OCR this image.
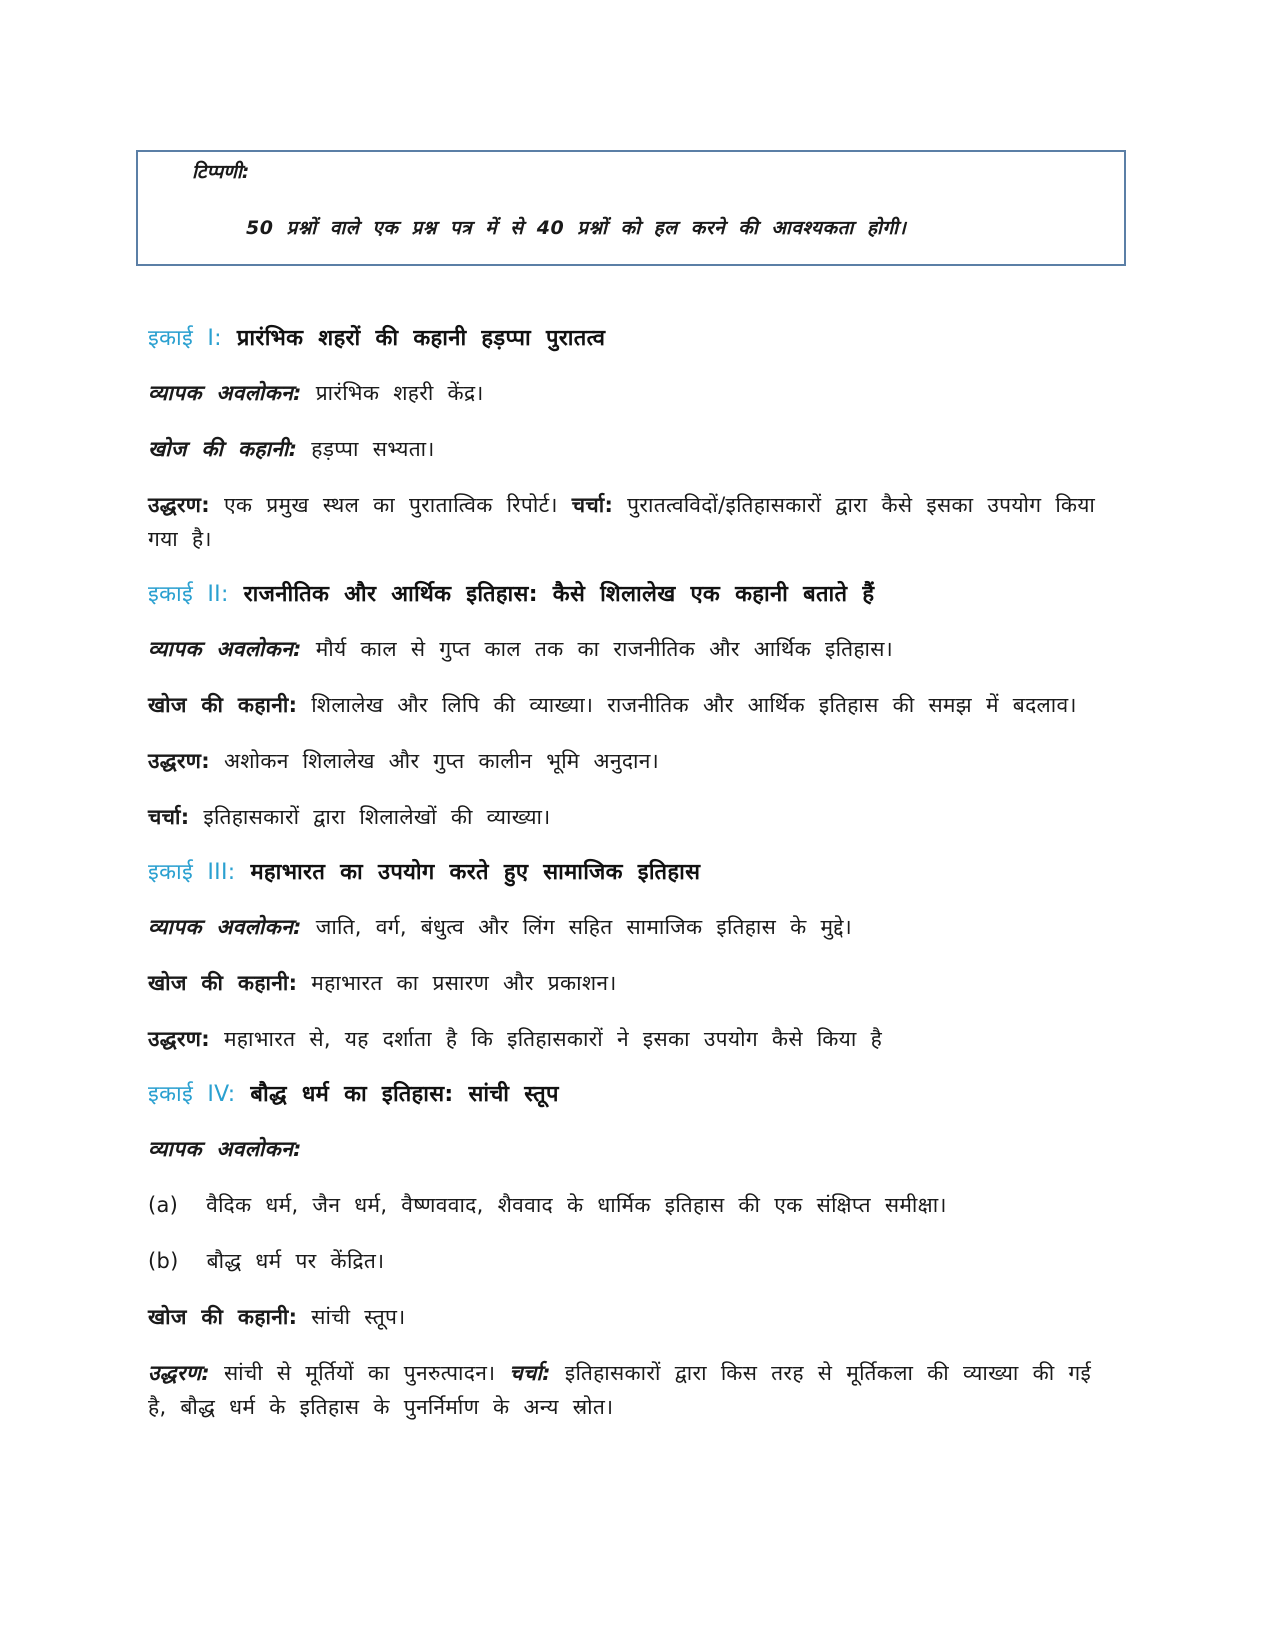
टिप्पणी:
50 प्रश्नों वाले एक प्रश्न पत्र में से 40 प्रश्नों को हल करने की आवश्यकता होगी।

इकाई I: प्रारंभिक शहरों की कहानी हड़प्पा पुरातत्व

व्यापक अवलोकन: प्रारंभिक शहरी केंद्र।

खोज की कहानी: हड़प्पा सभ्यता।

उद्धरण: एक प्रमुख स्थल का पुरातात्विक रिपोर्ट। चर्चा: पुरातत्वविदों/इतिहासकारों द्वारा कैसे इसका उपयोग किया गया है।

इकाई II: राजनीतिक और आर्थिक इतिहास: कैसे शिलालेख एक कहानी बताते हैं

व्यापक अवलोकन: मौर्य काल से गुप्त काल तक का राजनीतिक और आर्थिक इतिहास।

खोज की कहानी: शिलालेख और लिपि की व्याख्या। राजनीतिक और आर्थिक इतिहास की समझ में बदलाव।

उद्धरण: अशोकन शिलालेख और गुप्त कालीन भूमि अनुदान।

चर्चा: इतिहासकारों द्वारा शिलालेखों की व्याख्या।

इकाई III: महाभारत का उपयोग करते हुए सामाजिक इतिहास

व्यापक अवलोकन: जाति, वर्ग, बंधुत्व और लिंग सहित सामाजिक इतिहास के मुद्दे।

खोज की कहानी: महाभारत का प्रसारण और प्रकाशन।

उद्धरण: महाभारत से, यह दर्शाता है कि इतिहासकारों ने इसका उपयोग कैसे किया है

इकाई IV: बौद्ध धर्म का इतिहास: सांची स्तूप

व्यापक अवलोकन:

(a) वैदिक धर्म, जैन धर्म, वैष्णववाद, शैववाद के धार्मिक इतिहास की एक संक्षिप्त समीक्षा।

(b) बौद्ध धर्म पर केंद्रित।

खोज की कहानी: सांची स्तूप।

उद्धरण: सांची से मूर्तियों का पुनरुत्पादन। चर्चा: इतिहासकारों द्वारा किस तरह से मूर्तिकला की व्याख्या की गई है, बौद्ध धर्म के इतिहास के पुनर्निर्माण के अन्य स्रोत।
